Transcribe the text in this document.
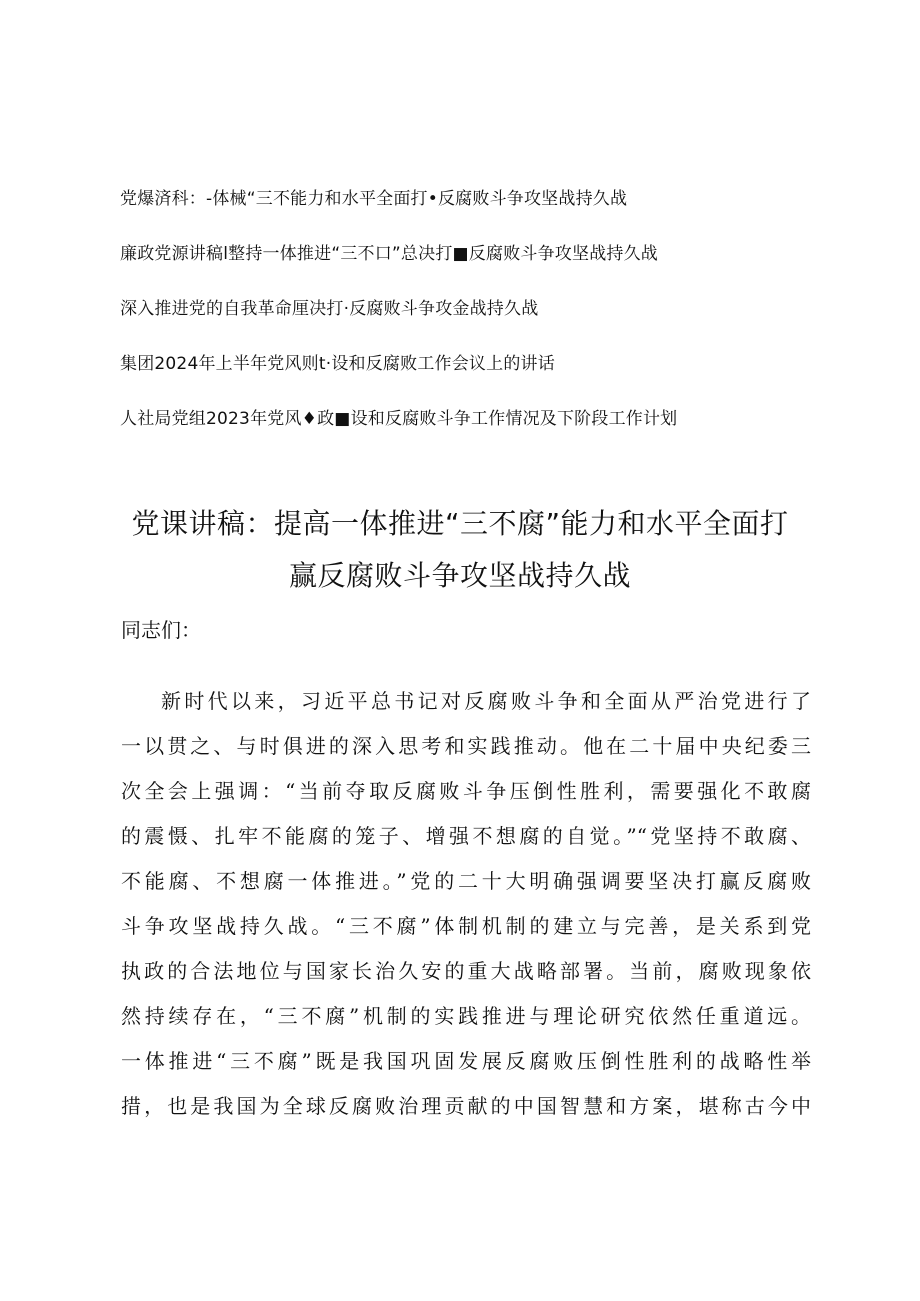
党爆済科：-体械“三不能力和水平全面打•反腐败斗争攻坚战持久战
廉政党源讲稿l整持一体推进“三不口”总决打■反腐败斗争攻坚战持久战
深入推进党的自我革命厘决打·反腐败斗争攻金战持久战
集团2024年上半年党风则t·设和反腐败工作会议上的讲话
人社局党组2023年党风♦政■设和反腐败斗争工作情况及下阶段工作计划
党课讲稿：提高一体推进“三不腐”能力和水平全面打
赢反腐败斗争攻坚战持久战

同志们：

新时代以来，习近平总书记对反腐败斗争和全面从严治党进行了
一以贯之、与时俱进的深入思考和实践推动。他在二十届中央纪委三
次全会上强调：“当前夺取反腐败斗争压倒性胜利，需要强化不敢腐
的震慑、扎牢不能腐的笼子、增强不想腐的自觉。”“党坚持不敢腐、
不能腐、不想腐一体推进。”党的二十大明确强调要坚决打赢反腐败
斗争攻坚战持久战。“三不腐”体制机制的建立与完善，是关系到党
执政的合法地位与国家长治久安的重大战略部署。当前，腐败现象依
然持续存在，“三不腐”机制的实践推进与理论研究依然任重道远。
一体推进“三不腐”既是我国巩固发展反腐败压倒性胜利的战略性举
措，也是我国为全球反腐败治理贡献的中国智慧和方案，堪称古今中
